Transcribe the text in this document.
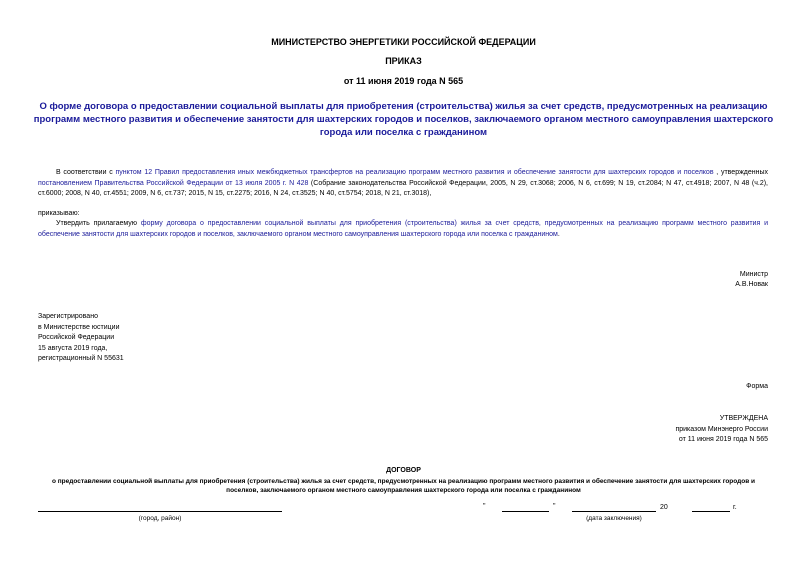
МИНИСТЕРСТВО ЭНЕРГЕТИКИ РОССИЙСКОЙ ФЕДЕРАЦИИ
ПРИКАЗ
от 11 июня 2019 года N 565
О форме договора о предоставлении социальной выплаты для приобретения (строительства) жилья за счет средств, предусмотренных на реализацию программ местного развития и обеспечение занятости для шахтерских городов и поселков, заключаемого органом местного самоуправления шахтерского города или поселка с гражданином
В соответствии с пунктом 12 Правил предоставления иных межбюджетных трансфертов на реализацию программ местного развития и обеспечение занятости для шахтерских городов и поселков , утвержденных постановлением Правительства Российской Федерации от 13 июля 2005 г. N 428 (Собрание законодательства Российской Федерации, 2005, N 29, ст.3068; 2006, N 6, ст.699; N 19, ст.2084; N 47, ст.4918; 2007, N 48 (ч.2), ст.6000; 2008, N 40, ст.4551; 2009, N 6, ст.737; 2015, N 15, ст.2275; 2016, N 24, ст.3525; N 40, ст.5754; 2018, N 21, ст.3018),
приказываю:
Утвердить прилагаемую форму договора о предоставлении социальной выплаты для приобретения (строительства) жилья за счет средств, предусмотренных на реализацию программ местного развития и обеспечение занятости для шахтерских городов и поселков, заключаемого органом местного самоуправления шахтерского города или поселка с гражданином.
Министр
А.В.Новак
Зарегистрировано
в Министерстве юстиции
Российской Федерации
15 августа 2019 года,
регистрационный N 55631
Форма
УТВЕРЖДЕНА
приказом Минэнерго России
от 11 июня 2019 года N 565
ДОГОВОР
о предоставлении социальной выплаты для приобретения (строительства) жилья за счет средств, предусмотренных на реализацию программ местного развития и обеспечение занятости для шахтерских городов и поселков, заключаемого органом местного самоуправления шахтерского города или поселка с гражданином
(город, район)
"	"	20	г.
(дата заключения)
